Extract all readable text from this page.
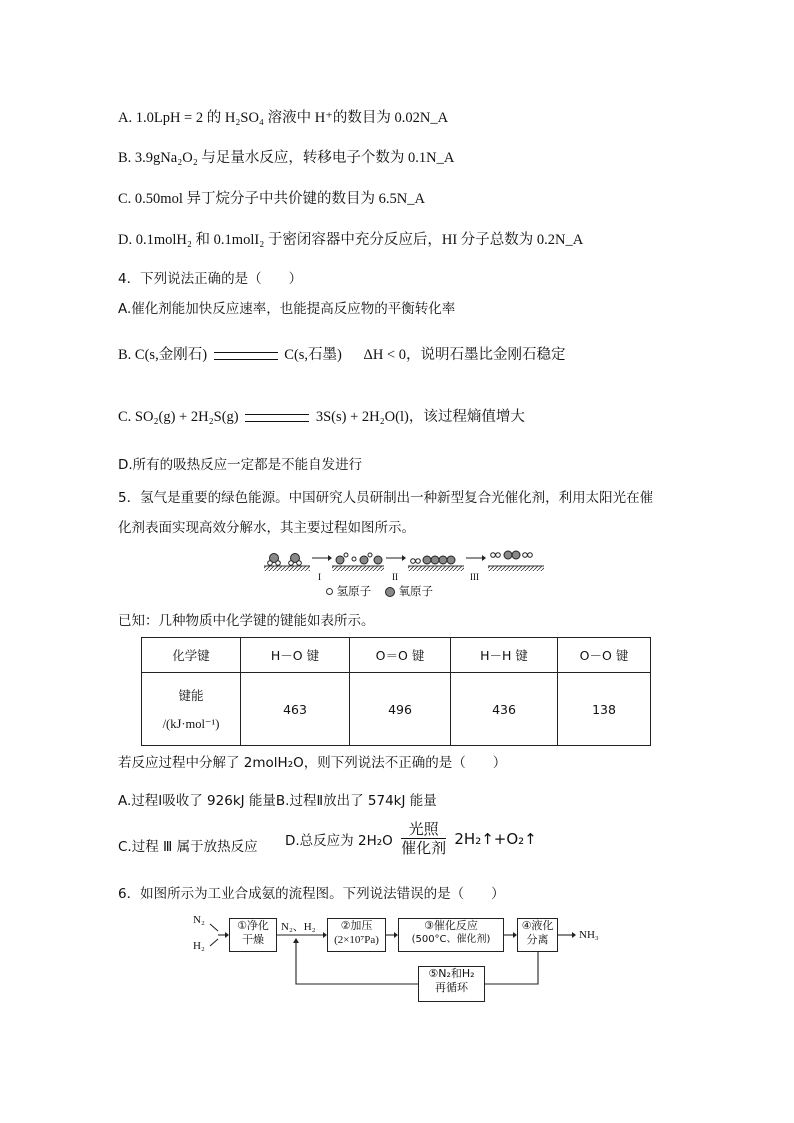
A. 1.0LpH = 2 的 H₂SO₄ 溶液中 H⁺的数目为 0.02N_A
B. 3.9gNa₂O₂ 与足量水反应，转移电子个数为 0.1N_A
C. 0.50mol 异丁烷分子中共价键的数目为 6.5N_A
D. 0.1molH₂ 和 0.1molI₂ 于密闭容器中充分反应后，HI 分子总数为 0.2N_A
4．下列说法正确的是（　　）
A.催化剂能加快反应速率，也能提高反应物的平衡转化率
B. C(s,金刚石)	C(s,石墨) ΔH < 0，说明石墨比金刚石稳定
C. SO₂(g) + 2H₂S(g)	3S(s) + 2H₂O(l)，该过程熵值增大
D.所有的吸热反应一定都是不能自发进行
5．氢气是重要的绿色能源。中国研究人员研制出一种新型复合光催化剂，利用太阳光在催
化剂表面实现高效分解水，其主要过程如图所示。
I	II	III
氢原子 氧原子
已知：几种物质中化学键的键能如表所示。
化学键	H－O 键	O＝O 键	H－H 键	O－O 键

键能
/(kJ·mol⁻¹)	463	496	436	138
若反应过程中分解了 2molH₂O，则下列说法不正确的是（　　）
A.过程Ⅰ吸收了 926kJ 能量B.过程Ⅱ放出了 574kJ 能量
C.过程 Ⅲ 属于放热反应 D.总反应为 2H₂O
光照
催化剂
2H₂↑+O₂↑
6．如图所示为工业合成氨的流程图。下列说法错误的是（　　）
N₂
H₂
①净化
干燥
N₂、H₂	②加压
(2×10⁷Pa)
③催化反应
(500°C、催化剂)
④液化
分离	NH₃
⑤N₂和H₂
再循环
